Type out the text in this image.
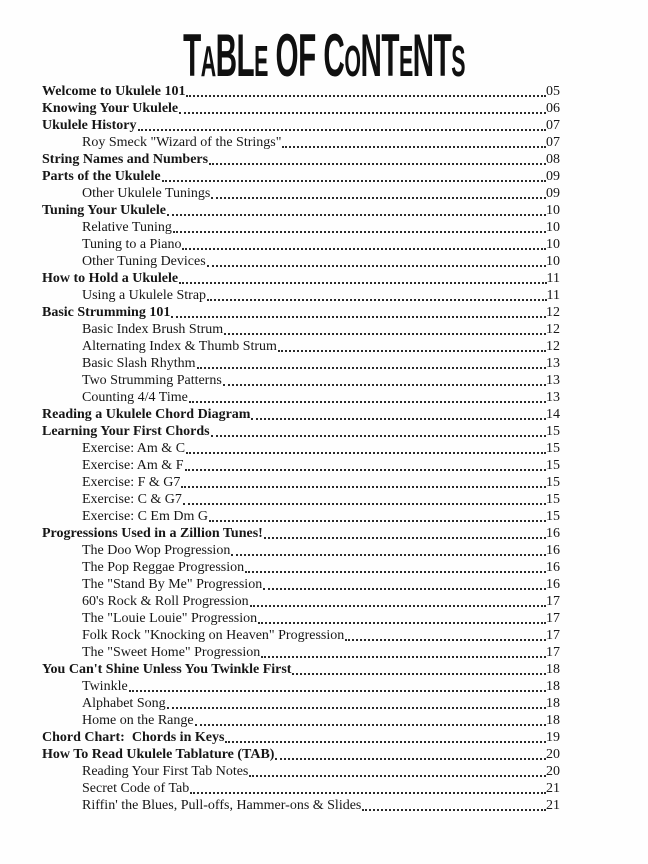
TABLE OF CONTENTS
Welcome to Ukulele 101	05
Knowing Your Ukulele	06
Ukulele History	07
Roy Smeck "Wizard of the Strings"	07
String Names and Numbers	08
Parts of the Ukulele	09
Other Ukulele Tunings	09
Tuning Your Ukulele	10
Relative Tuning	10
Tuning to a Piano	10
Other Tuning Devices	10
How to Hold a Ukulele	11
Using a Ukulele Strap	11
Basic Strumming 101	12
Basic Index Brush Strum	12
Alternating Index & Thumb Strum	12
Basic Slash Rhythm	13
Two Strumming Patterns	13
Counting 4/4 Time	13
Reading a Ukulele Chord Diagram	14
Learning Your First Chords	15
Exercise: Am & C	15
Exercise: Am & F	15
Exercise: F & G7	15
Exercise: C & G7	15
Exercise: C Em Dm G	15
Progressions Used in a Zillion Tunes!	16
The Doo Wop Progression	16
The Pop Reggae Progression	16
The "Stand By Me" Progression	16
60's Rock & Roll Progression	17
The "Louie Louie" Progression	17
Folk Rock "Knocking on Heaven" Progression	17
The "Sweet Home" Progression	17
You Can't Shine Unless You Twinkle First	18
Twinkle	18
Alphabet Song	18
Home on the Range	18
Chord Chart:  Chords in Keys	19
How To Read Ukulele Tablature (TAB)	20
Reading Your First Tab Notes	20
Secret Code of Tab	21
Riffin' the Blues, Pull-offs, Hammer-ons & Slides	21
